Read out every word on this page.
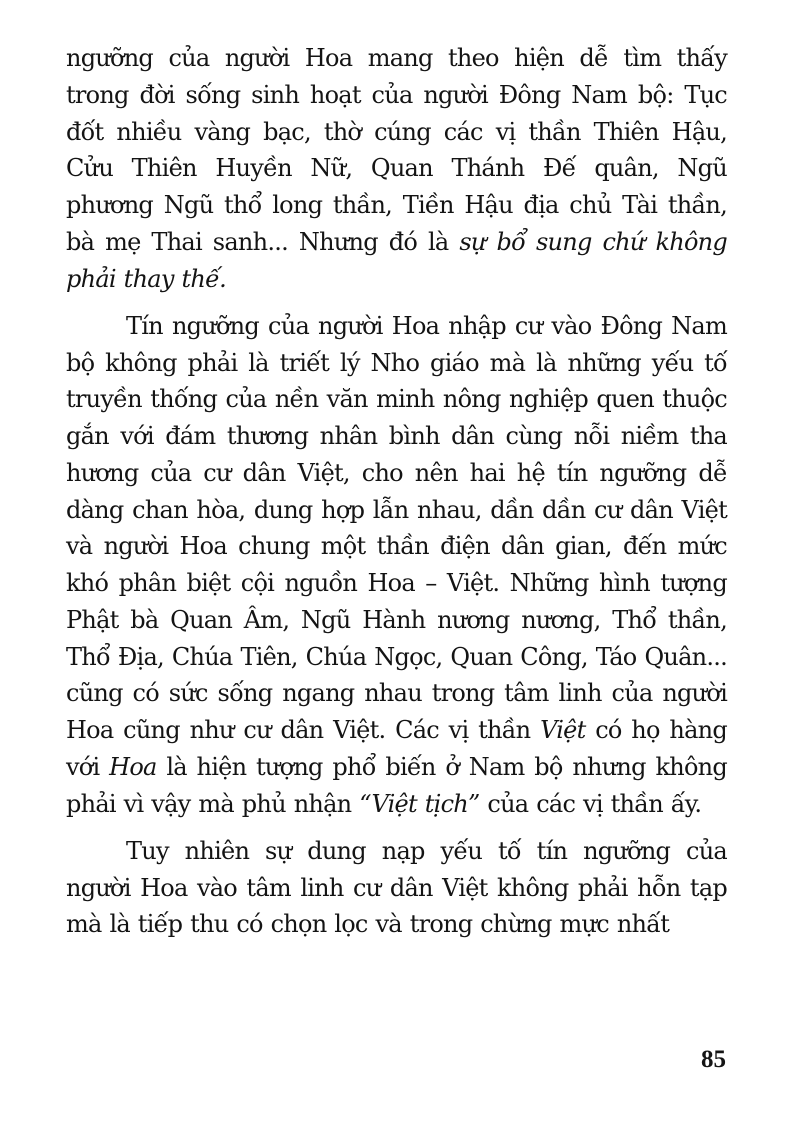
ngưỡng của người Hoa mang theo hiện dễ tìm thấy trong đời sống sinh hoạt của người Đông Nam bộ: Tục đốt nhiều vàng bạc, thờ cúng các vị thần Thiên Hậu, Cửu Thiên Huyền Nữ, Quan Thánh Đế quân, Ngũ phương Ngũ thổ long thần, Tiền Hậu địa chủ Tài thần, bà mẹ Thai sanh... Nhưng đó là sự bổ sung chứ không phải thay thế.

Tín ngưỡng của người Hoa nhập cư vào Đông Nam bộ không phải là triết lý Nho giáo mà là những yếu tố truyền thống của nền văn minh nông nghiệp quen thuộc gắn với đám thương nhân bình dân cùng nỗi niềm tha hương của cư dân Việt, cho nên hai hệ tín ngưỡng dễ dàng chan hòa, dung hợp lẫn nhau, dần dần cư dân Việt và người Hoa chung một thần điện dân gian, đến mức khó phân biệt cội nguồn Hoa – Việt. Những hình tượng Phật bà Quan Âm, Ngũ Hành nương nương, Thổ thần, Thổ Địa, Chúa Tiên, Chúa Ngọc, Quan Công, Táo Quân... cũng có sức sống ngang nhau trong tâm linh của người Hoa cũng như cư dân Việt. Các vị thần Việt có họ hàng với Hoa là hiện tượng phổ biến ở Nam bộ nhưng không phải vì vậy mà phủ nhận “Việt tịch” của các vị thần ấy.

Tuy nhiên sự dung nạp yếu tố tín ngưỡng của người Hoa vào tâm linh cư dân Việt không phải hỗn tạp mà là tiếp thu có chọn lọc và trong chừng mực nhất

85
